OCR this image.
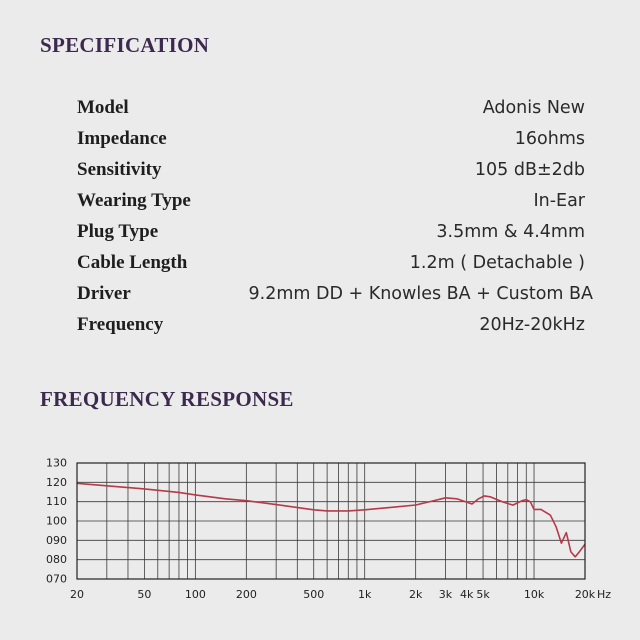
SPECIFICATION
Model	Adonis New
Impedance	16ohms
Sensitivity	105 dB±2db
Wearing Type	In-Ear
Plug Type	3.5mm & 4.4mm
Cable Length	1.2m ( Detachable )
Driver	9.2mm DD + Knowles BA + Custom BA
Frequency	20Hz-20kHz
FREQUENCY RESPONSE
130
120
110
100
090
080
070
20	50	100	200	500	1k	2k 3k 4k 5k	10k	20k Hz
